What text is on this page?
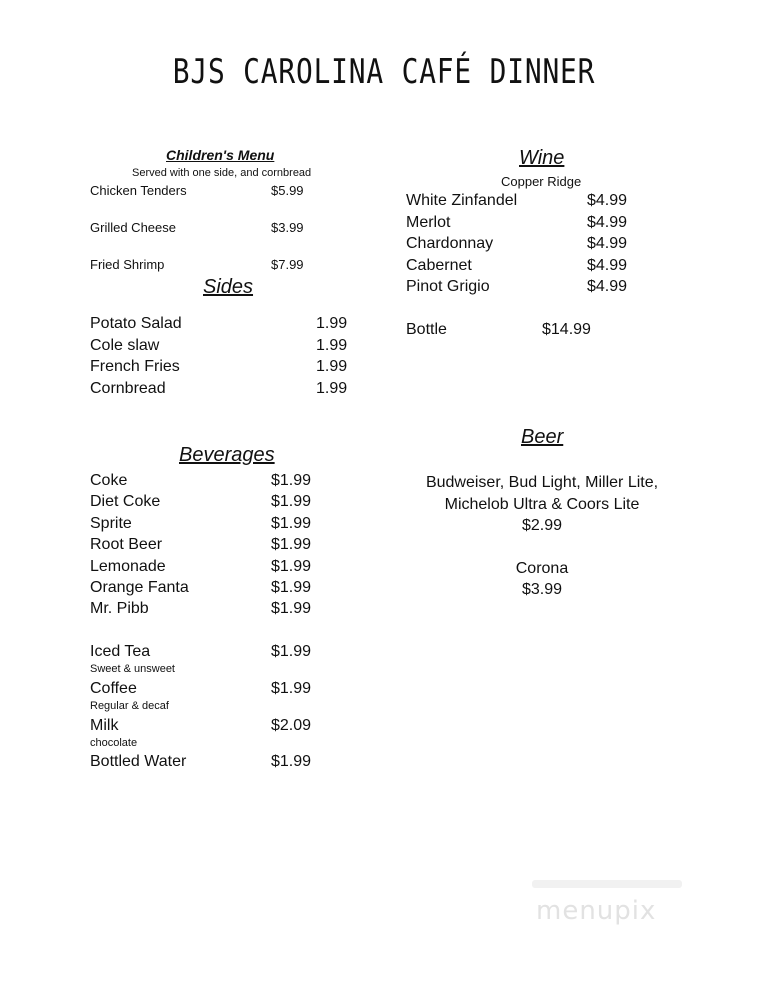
BJS CAROLINA CAFÉ DINNER
Children's Menu
Served with one side, and cornbread
Chicken Tenders	$5.99
Grilled Cheese	$3.99
Fried Shrimp	$7.99
Sides
Potato Salad	1.99
Cole slaw	1.99
French Fries	1.99
Cornbread	1.99
Beverages
Coke	$1.99
Diet Coke	$1.99
Sprite	$1.99
Root Beer	$1.99
Lemonade	$1.99
Orange Fanta	$1.99
Mr. Pibb	$1.99
Iced Tea	$1.99
Sweet & unsweet
Coffee	$1.99
Regular & decaf
Milk	$2.09
chocolate
Bottled Water	$1.99
Wine
Copper Ridge
White Zinfandel	$4.99
Merlot	$4.99
Chardonnay	$4.99
Cabernet	$4.99
Pinot Grigio	$4.99
Bottle	$14.99
Beer
Budweiser, Bud Light, Miller Lite,
Michelob Ultra & Coors Lite
$2.99
Corona
$3.99
menupix
